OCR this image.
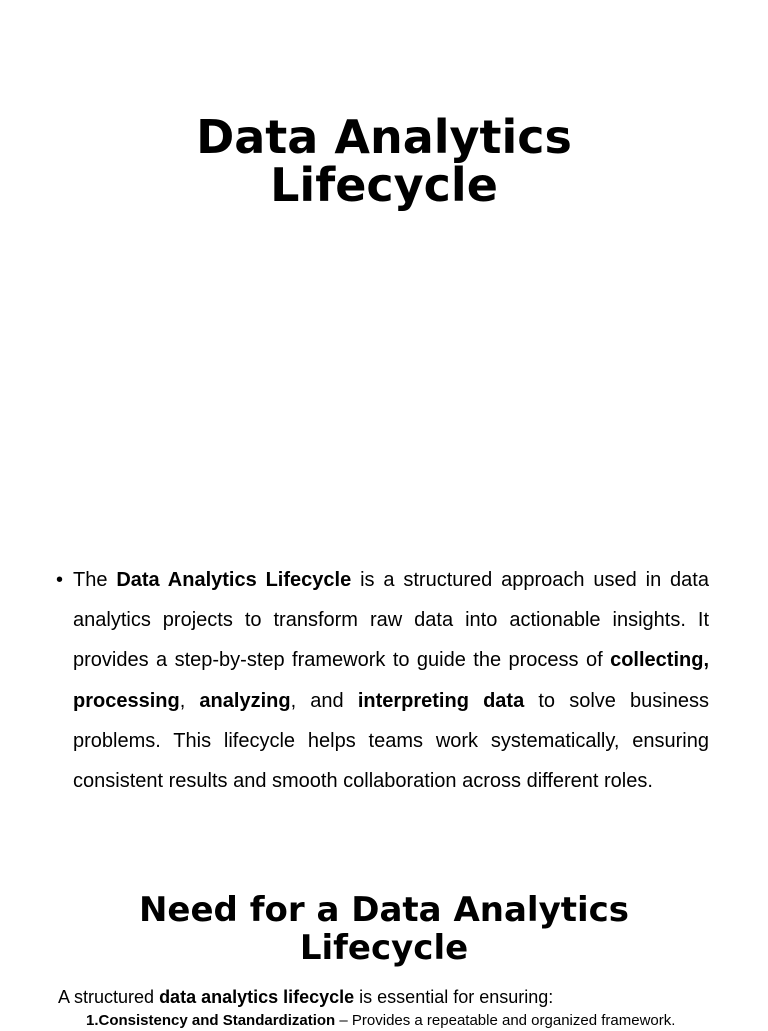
Data Analytics
Lifecycle
• The Data Analytics Lifecycle is a structured approach used in data analytics projects to transform raw data into actionable insights. It provides a step-by-step framework to guide the process of collecting, processing, analyzing, and interpreting data to solve business problems. This lifecycle helps teams work systematically, ensuring consistent results and smooth collaboration across different roles.

Need for a Data Analytics
Lifecycle

A structured data analytics lifecycle is essential for ensuring:

1.Consistency and Standardization – Provides a repeatable and organized framework.
